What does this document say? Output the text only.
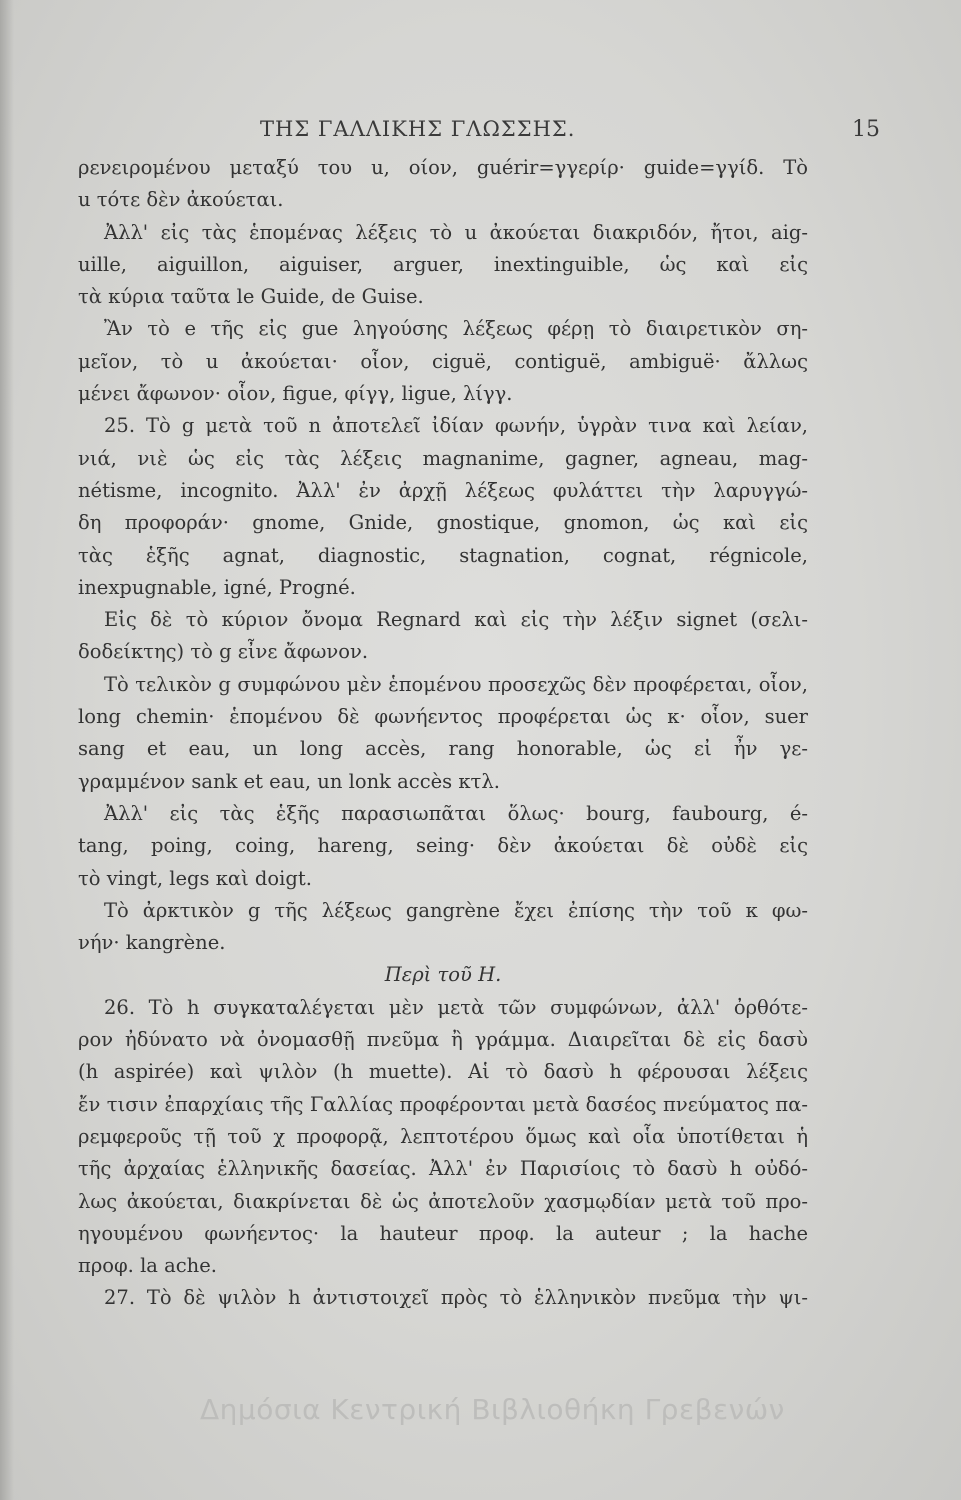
ΤΗΣ ΓΑΛΛΙΚΗΣ ΓΛΩΣΣΗΣ.	15
ρενειρομένου μεταξύ του u, οίον, guérir=γγερίρ· guide=γγίδ. Τὸ
u τότε δὲν ἀκούεται.
Ἀλλ' εἰς τὰς ἑπομένας λέξεις τὸ u ἀκούεται διακριδόν, ἤτοι, aig-
uille, aiguillon, aiguiser, arguer, inextinguible, ὡς καὶ εἰς
τὰ κύρια ταῦτα le Guide, de Guise.
Ἂν τὸ e τῆς εἰς gue ληγούσης λέξεως φέρῃ τὸ διαιρετικὸν ση-
μεῖον, τὸ u ἀκούεται· οἷον, ciguë, contiguë, ambiguë· ἄλλως
μένει ἄφωνον· οἷον, figue, φίγγ, ligue, λίγγ.
25. Τὸ g μετὰ τοῦ n ἀποτελεῖ ἰδίαν φωνήν, ὑγρὰν τινα καὶ λείαν,
νιά, νιὲ ὡς εἰς τὰς λέξεις magnanime, gagner, agneau, mag-
nétisme, incognito. Ἀλλ' ἐν ἀρχῇ λέξεως φυλάττει τὴν λαρυγγώ-
δη προφοράν· gnome, Gnide, gnostique, gnomon, ὡς καὶ εἰς
τὰς ἑξῆς agnat, diagnostic, stagnation, cognat, régnicole,
inexpugnable, igné, Progné.
Εἰς δὲ τὸ κύριον ὄνομα Regnard καὶ εἰς τὴν λέξιν signet (σελι-
δοδείκτης) τὸ g εἶνε ἄφωνον.
Τὸ τελικὸν g συμφώνου μὲν ἑπομένου προσεχῶς δὲν προφέρεται, οἷον,
long chemin· ἑπομένου δὲ φωνήεντος προφέρεται ὡς κ· οἷον, suer
sang et eau, un long accès, rang honorable, ὡς εἰ ἦν γε-
γραμμένον sank et eau, un lonk accès κτλ.
Ἀλλ' εἰς τὰς ἑξῆς παρασιωπᾶται ὅλως· bourg, faubourg, é-
tang, poing, coing, hareng, seing· δὲν ἀκούεται δὲ οὐδὲ εἰς
τὸ vingt, legs καὶ doigt.
Τὸ ἀρκτικὸν g τῆς λέξεως gangrène ἔχει ἐπίσης τὴν τοῦ κ φω-
νήν· kangrène.
Περὶ τοῦ H.
26. Τὸ h συγκαταλέγεται μὲν μετὰ τῶν συμφώνων, ἀλλ' ὀρθότε-
ρον ἠδύνατο νὰ ὀνομασθῇ πνεῦμα ἢ γράμμα. Διαιρεῖται δὲ εἰς δασὺ
(h aspirée) καὶ ψιλὸν (h muette). Αἱ τὸ δασὺ h φέρουσαι λέξεις
ἔν τισιν ἐπαρχίαις τῆς Γαλλίας προφέρονται μετὰ δασέος πνεύματος πα-
ρεμφεροῦς τῇ τοῦ χ προφορᾷ, λεπτοτέρου ὅμως καὶ οἷα ὑποτίθεται ἡ
τῆς ἀρχαίας ἑλληνικῆς δασείας. Ἀλλ' ἐν Παρισίοις τὸ δασὺ h οὐδό-
λως ἀκούεται, διακρίνεται δὲ ὡς ἀποτελοῦν χασμῳδίαν μετὰ τοῦ προ-
ηγουμένου φωνήεντος· la hauteur προφ. la auteur ; la hache
προφ. la ache.
27. Τὸ δὲ ψιλὸν h ἀντιστοιχεῖ πρὸς τὸ ἑλληνικὸν πνεῦμα τὴν ψι-
Δημόσια Κεντρική Βιβλιοθήκη Γρεβενών
